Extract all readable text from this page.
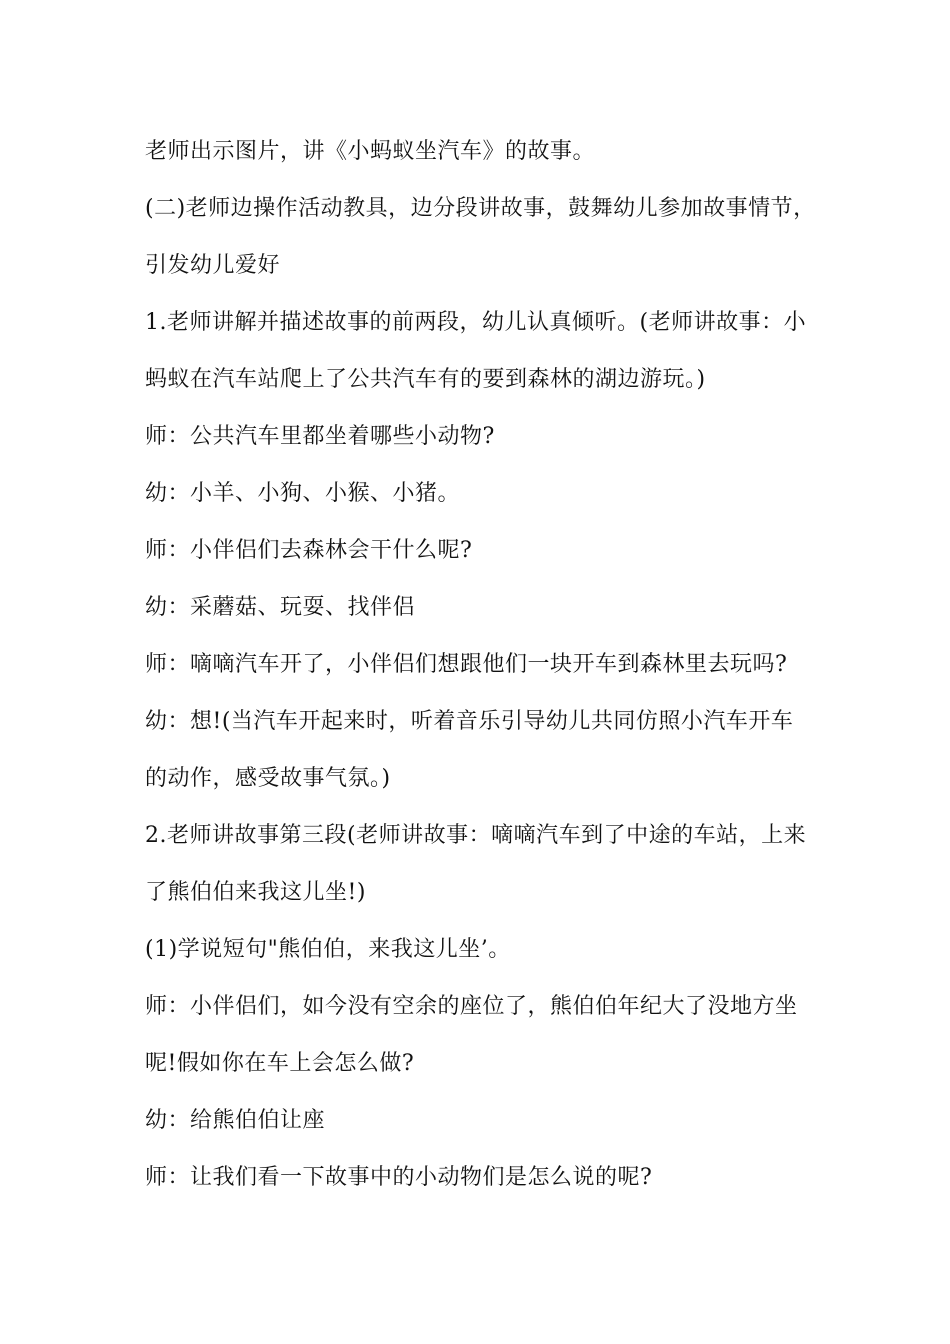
老师出示图片，讲《小蚂蚁坐汽车》的故事。
(二)老师边操作活动教具，边分段讲故事，鼓舞幼儿参加故事情节，
引发幼儿爱好
1.老师讲解并描述故事的前两段，幼儿认真倾听。(老师讲故事：小
蚂蚁在汽车站爬上了公共汽车有的要到森林的湖边游玩。)
师：公共汽车里都坐着哪些小动物?
幼：小羊、小狗、小猴、小猪。
师：小伴侣们去森林会干什么呢?
幼：采蘑菇、玩耍、找伴侣
师：嘀嘀汽车开了，小伴侣们想跟他们一块开车到森林里去玩吗?
幼：想!(当汽车开起来时，听着音乐引导幼儿共同仿照小汽车开车
的动作，感受故事气氛。)
2.老师讲故事第三段(老师讲故事：嘀嘀汽车到了中途的车站，上来
了熊伯伯来我这儿坐!)
(1)学说短句"熊伯伯，来我这儿坐’。
师：小伴侣们，如今没有空余的座位了，熊伯伯年纪大了没地方坐
呢!假如你在车上会怎么做?
幼：给熊伯伯让座
师：让我们看一下故事中的小动物们是怎么说的呢?
